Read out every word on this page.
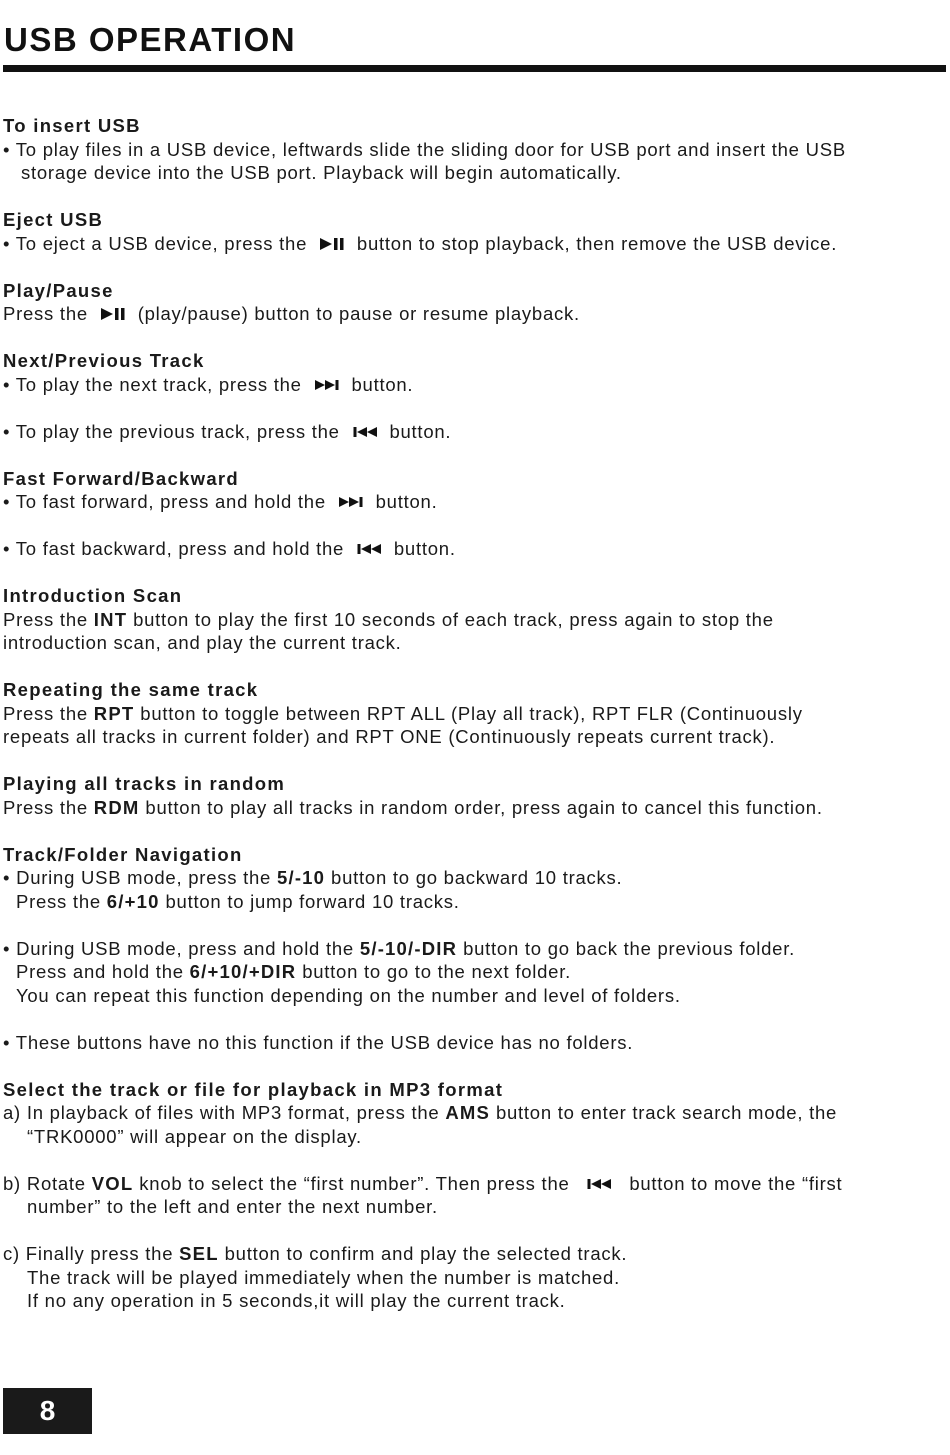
USB OPERATION
To insert USB

• To play files in a USB device, leftwards slide the sliding door for USB port and insert the USB

storage device into the USB port. Playback will begin automatically.

Eject USB

• To eject a USB device, press the	button to stop playback, then remove the USB device.

Play/Pause

Press the	(play/pause) button to pause or resume playback.

Next/Previous Track

• To play the next track, press the	button.

• To play the previous track, press the	button.

Fast Forward/Backward

• To fast forward, press and hold the	button.

• To fast backward, press and hold the	button.

Introduction Scan

Press the INT button to play the first 10 seconds of each track, press again to stop the

introduction scan, and play the current track.

Repeating the same track

Press the RPT button to toggle between RPT ALL (Play all track), RPT FLR (Continuously

repeats all tracks in current folder) and RPT ONE (Continuously repeats current track).

Playing all tracks in random

Press the RDM button to play all tracks in random order, press again to cancel this function.

Track/Folder Navigation

• During USB mode, press the 5/-10 button to go backward 10 tracks.

Press the 6/+10 button to jump forward 10 tracks.

• During USB mode, press and hold the 5/-10/-DIR button to go back the previous folder.

Press and hold the 6/+10/+DIR button to go to the next folder.

You can repeat this function depending on the number and level of folders.

• These buttons have no this function if the USB device has no folders.

Select the track or file for playback in MP3 format

a) In playback of files with MP3 format, press the AMS button to enter track search mode, the

“TRK0000” will appear on the display.

b) Rotate VOL knob to select the “first number”. Then press the	button to move the “first

number” to the left and enter the next number.

c) Finally press the SEL button to confirm and play the selected track.

The track will be played immediately when the number is matched.

If no any operation in 5 seconds,it will play the current track.

8
